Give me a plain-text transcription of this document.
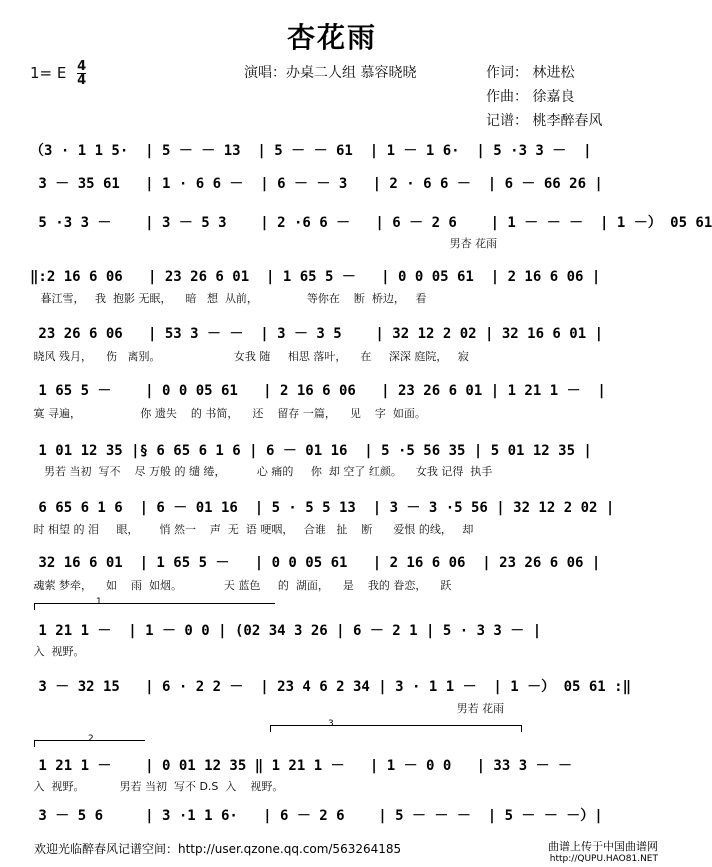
杏花雨
1= E $\frac{4}{4}$	演唱：办桌二人组 慕容晓晓	作词： 林进松
作曲： 徐嘉良
记谱： 桃李醉春风
（3 · 1 1 5·  | 5 － － 13  | 5 － － 61  | 1 － 1 6·  | 5 ·3 3 －  |
3 － 35 61   | 1 · 6 6 －  | 6 － － 3   | 2 · 6 6 －  | 6 － 66 26 |
5 ·3 3 －    | 3 － 5 3    | 2 ·6 6 －   | 6 － 2 6    | 1 － － －  | 1 －） 05 61
男杏 花雨
‖:2 16 6 06   | 23 26 6 01  | 1 65 5 －   | 0 0 05 61  | 2 16 6 06 |
暮江雪，   我  抱影 无眠，    暗   想  从前，              等你在    断  桥边，   看
23 26 6 06   | 53 3 － －  | 3 － 3 5    | 32 12 2 02 | 32 16 6 01 |
晓风 残月，    伤   离别。                     女我 随     相思 落叶，    在     深深 庭院，   寂
1 65 5 －    | 0 0 05 61   | 2 16 6 06   | 23 26 6 01 | 1 21 1 －  |
寞 寻遍，                 你 遗失    的 书简，    还    留存 一篇，    见    字  如面。
1 01 12 35 |§ 6 65 6 1 6 | 6 － 01 16  | 5 ·5 56 35 | 5 01 12 35 |
男若 当初  写不    尽 万般 的 缱 绻，         心 痛的     你  却 空了 红颜。    女我 记得  执手
6 65 6 1 6  | 6 － 01 16  | 5 · 5 5 13  | 3 － 3 ·5 56 | 32 12 2 02 |
时 相望 的 泪     眼，      悄 然一    声  无  语 哽咽，   合谁   扯    断      爱恨 的线，   却
32 16 6 01  | 1 65 5 －   | 0 0 05 61   | 2 16 6 06  | 23 26 6 06 |
魂萦 梦牵，    如    雨  如烟。            天 蓝色     的  湖面，    是    我的 眷恋，    跃
1
1 21 1 －  | 1 － 0 0 | (02 34 3 26 | 6 － 2 1 | 5 · 3 3 － |
入  视野。
3 － 32 15   | 6 · 2 2 －  | 23 4 6 2 34 | 3 · 1 1 －  | 1 －） 05 61 :‖
男若 花雨
3
2
1 21 1 －    | 0 01 12 35 ‖ 1 21 1 －   | 1 － 0 0   | 33 3 － －
入  视野。          男若 当初  写不 D.S  入    视野。
3 － 5 6     | 3 ·1 1 6·   | 6 － 2 6    | 5 － － －  | 5 － － －）|
欢迎光临醉春风记谱空间：http://user.qzone.qq.com/563264185	曲谱上传于中国曲谱网
http://QUPU.HAO81.NET
